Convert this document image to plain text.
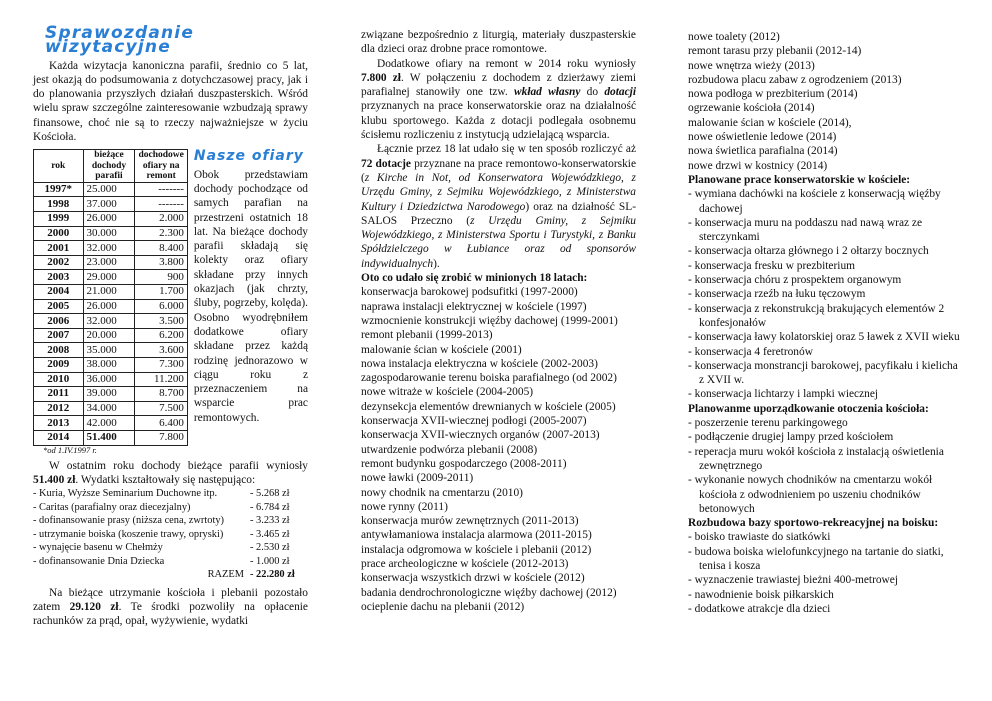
Sprawozdanie wizytacyjne

Każda wizytacja kanoniczna parafii, średnio co 5 lat, jest okazją do podsumowania z dotychczasowej pracy, jak i do planowania przyszłych działań duszpasterskich. Wśród wielu spraw szczególne zainteresowanie wzbudzają sprawy finansowe, choć nie są to rzeczy najważniejsze w życiu Kościoła.

rok	bieżące dochody parafii	dochodowe ofiary na remont
1997*	25.000	-------
1998	37.000	-------
1999	26.000	2.000
2000	30.000	2.300
2001	32.000	8.400
2002	23.000	3.800
2003	29.000	900
2004	21.000	1.700
2005	26.000	6.000
2006	32.000	3.500
2007	20.000	6.200
2008	35.000	3.600
2009	38.000	7.300
2010	36.000	11.200
2011	39.000	8.700
2012	34.000	7.500
2013	42.000	6.400
2014	51.400	7.800
*od 1.IV.1997 r.
Nasze ofiary
Obok przedstawiam dochody pochodzące od samych parafian na przestrzeni ostatnich 18 lat. Na bieżące dochody parafii składają się kolekty oraz ofiary składane przy innych okazjach (jak chrzty, śluby, pogrzeby, kolęda). Osobno wyodrębniłem dodatkowe ofiary składane przez każdą rodzinę jednorazowo w ciągu roku z przeznaczeniem na wsparcie prac remontowych.

W ostatnim roku dochody bieżące parafii wyniosły 51.400 zł. Wydatki kształtowały się następująco:

- Kuria, Wyższe Seminarium Duchowne itp.	- 5.268 zł
- Caritas (parafialny oraz diecezjalny)	- 6.784 zł
- dofinansowanie prasy (niższa cena, zwrtoty)	- 3.233 zł
- utrzymanie boiska (koszenie trawy, opryski)	- 3.465 zł
- wynajęcie basenu w Chełmży	- 2.530 zł
- dofinansowanie Dnia Dziecka	- 1.000 zł
RAZEM - 22.280 zł

Na bieżące utrzymanie kościoła i plebanii pozostało zatem 29.120 zł. Te środki pozwoliły na opłacenie rachunków za prąd, opał, wyżywienie, wydatki

związane bezpośrednio z liturgią, materiały duszpasterskie dla dzieci oraz drobne prace romontowe.

Dodatkowe ofiary na remont w 2014 roku wyniosły 7.800 zł. W połączeniu z dochodem z dzierżawy ziemi parafialnej stanowiły one tzw. wkład własny do dotacji przyznanych na prace konserwatorskie oraz na działalność klubu sportowego. Każda z dotacji podlegała osobnemu ścisłemu rozliczeniu z instytucją udzielającą wsparcia.

Łącznie przez 18 lat udało się w ten sposób rozliczyć aż 72 dotacje przyznane na prace remontowo-konserwatorskie (z Kirche in Not, od Konserwatora Wojewódzkiego, z Urzędu Gminy, z Sejmiku Wojewódzkiego, z Ministerstwa Kultury i Dziedzictwa Narodowego) oraz na działność SL-SALOS Przeczno (z Urzędu Gminy, z Sejmiku Wojewódzkiego, z Ministerstwa Sportu i Turystyki, z Banku Spółdzielczego w Łubiance oraz od sponsorów indywidualnych).

Oto co udało się zrobić w minionych 18 latach:
konserwacja barokowej podsufitki (1997-2000)
naprawa instalacji elektrycznej w kościele (1997)
wzmocnienie konstrukcji więźby dachowej (1999-2001)
remont plebanii (1999-2013)
malowanie ścian w kościele (2001)
nowa instalacja elektryczna w kościele (2002-2003)
zagospodarowanie terenu boiska parafialnego (od 2002)
nowe witraże w kościele (2004-2005)
dezynsekcja elementów drewnianych w kościele (2005)
konserwacja XVII-wiecznej podłogi (2005-2007)
konserwacja XVII-wiecznych organów (2007-2013)
utwardzenie podwórza plebanii (2008)
remont budynku gospodarczego (2008-2011)
nowe ławki (2009-2011)
nowy chodnik na cmentarzu (2010)
nowe rynny (2011)
konserwacja murów zewnętrznych (2011-2013)
antywłamaniowa instalacja alarmowa (2011-2015)
instalacja odgromowa w kościele i plebanii (2012)
prace archeologiczne w kościele (2012-2013)
konserwacja wszystkich drzwi w kościele (2012)
badania dendrochronologiczne więźby dachowej (2012)
ocieplenie dachu na plebanii (2012)
nowe toalety (2012)
remont tarasu przy plebanii (2012-14)
nowe wnętrza wieży (2013)
rozbudowa placu zabaw z ogrodzeniem (2013)
nowa podłoga w prezbiterium (2014)
ogrzewanie kościoła (2014)
malowanie ścian w kościele (2014),
nowe oświetlenie ledowe (2014)
nowa świetlica parafialna (2014)
nowe drzwi w kostnicy (2014)
Planowane prace konserwatorskie w kościele:
- wymiana dachówki na kościele z konserwacją więźby dachowej
- konserwacja muru na poddaszu nad nawą wraz ze sterczynkami
- konserwacja ołtarza głównego i 2 ołtarzy bocznych
- konserwacja fresku w prezbiterium
- konserwacja chóru z prospektem organowym
- konserwacja rzeźb na łuku tęczowym
- konserwacja z rekonstrukcją brakujących elementów 2 konfesjonałów
- konserwacja ławy kolatorskiej oraz 5 ławek z XVII wieku
- konserwacja 4 feretronów
- konserwacja monstrancji barokowej, pacyfikału i kielicha z XVII w.
- konserwacja lichtarzy i lampki wiecznej
Planowanme uporządkowanie otoczenia kościoła:
- poszerzenie terenu parkingowego
- podłączenie drugiej lampy przed kościołem
- reperacja muru wokół kościoła z instalacją oświetlenia zewnętrznego
- wykonanie nowych chodników na cmentarzu wokół kościoła z odwodnieniem po uszeniu chodników betonowych
Rozbudowa bazy sportowo-rekreacyjnej na boisku:
- boisko trawiaste do siatkówki
- budowa boiska wielofunkcyjnego na tartanie do siatki, tenisa i kosza
- wyznaczenie trawiastej bieżni 400-metrowej
- nawodnienie boisk piłkarskich
- dodatkowe atrakcje dla dzieci
